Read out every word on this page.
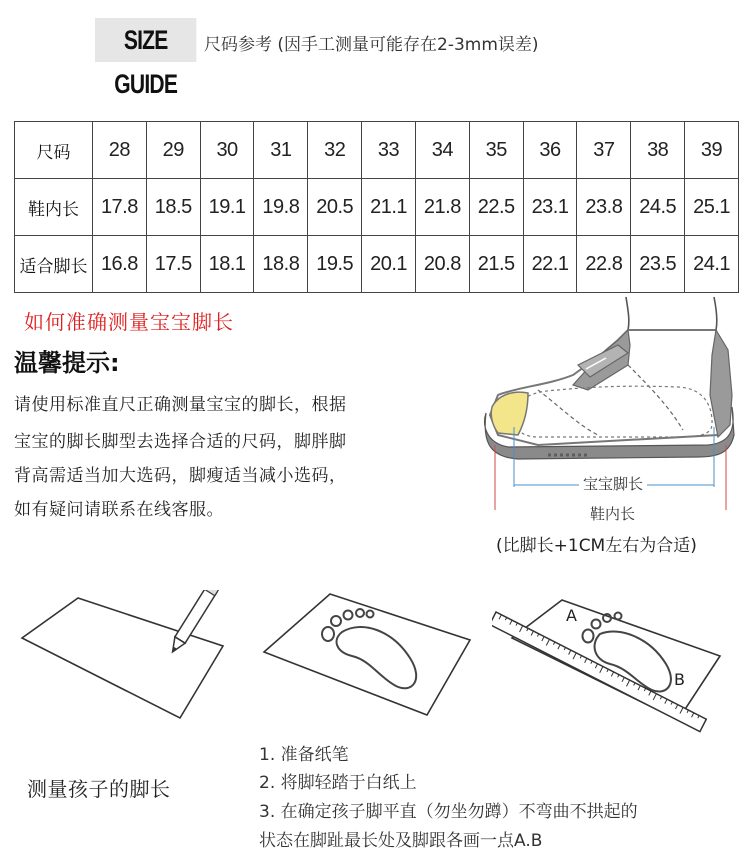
SIZE GUIDE
尺码参考 (因手工测量可能存在2-3mm误差)
尺码	28	29	30	31	32	33	34	35	36	37	38	39
鞋内长	17.8	18.5	19.1	19.8	20.5	21.1	21.8	22.5	23.1	23.8	24.5	25.1
适合脚长	16.8	17.5	18.1	18.8	19.5	20.1	20.8	21.5	22.1	22.8	23.5	24.1
如何准确测量宝宝脚长
温馨提示:
请使用标准直尺正确测量宝宝的脚长，根据
宝宝的脚长脚型去选择合适的尺码，脚胖脚
背高需适当加大选码，脚瘦适当减小选码，
如有疑问请联系在线客服。
宝宝脚长
鞋内长
(比脚长+1CM左右为合适)
A
B
测量孩子的脚长
1. 准备纸笔
2. 将脚轻踏于白纸上
3. 在确定孩子脚平直（勿坐勿蹲）不弯曲不拱起的
状态在脚趾最长处及脚跟各画一点A.B
